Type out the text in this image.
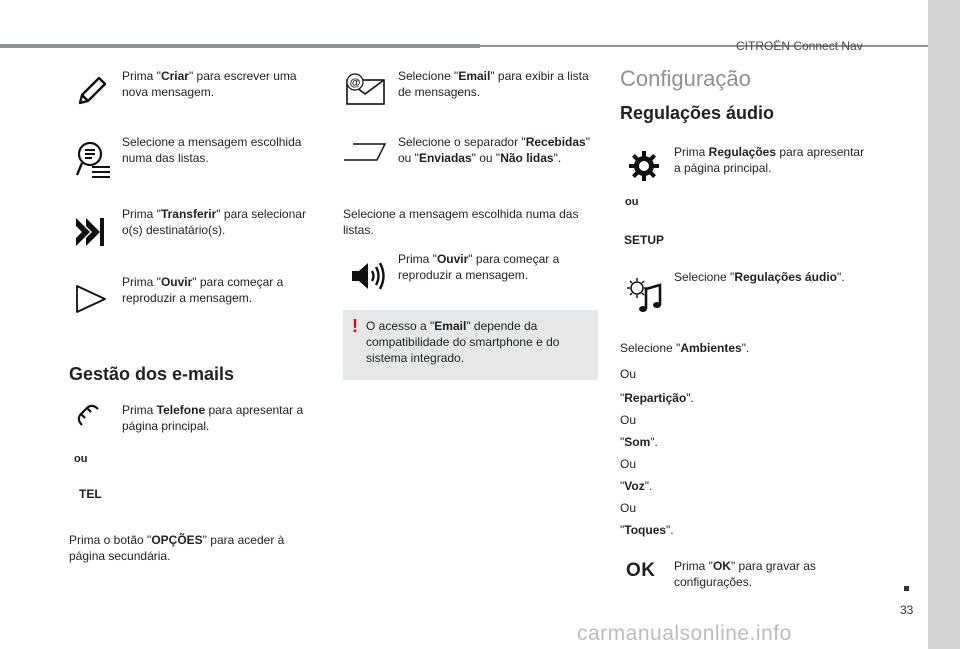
CITROËN Connect Nav
Prima "Criar" para escrever uma nova mensagem.
Selecione a mensagem escolhida numa das listas.
Prima "Transferir" para selecionar o(s) destinatário(s).
Prima "Ouvir" para começar a reproduzir a mensagem.
Gestão dos e-mails
Prima Telefone para apresentar a página principal.
ou
TEL
Prima o botão "OPÇÕES" para aceder à página secundária.
@	Selecione "Email" para exibir a lista de mensagens.
Selecione o separador "Recebidas" ou "Enviadas" ou "Não lidas".
Selecione a mensagem escolhida numa das listas.
Prima "Ouvir" para começar a reproduzir a mensagem.
! O acesso a "Email" depende da compatibilidade do smartphone e do sistema integrado.
Configuração
Regulações áudio
Prima Regulações para apresentar a página principal.
ou
SETUP
Selecione "Regulações áudio".
Selecione "Ambientes".
Ou
"Repartição".
Ou
"Som".
Ou
"Voz".
Ou
"Toques".
OK Prima "OK" para gravar as configurações.
33
carmanualsonline.info
